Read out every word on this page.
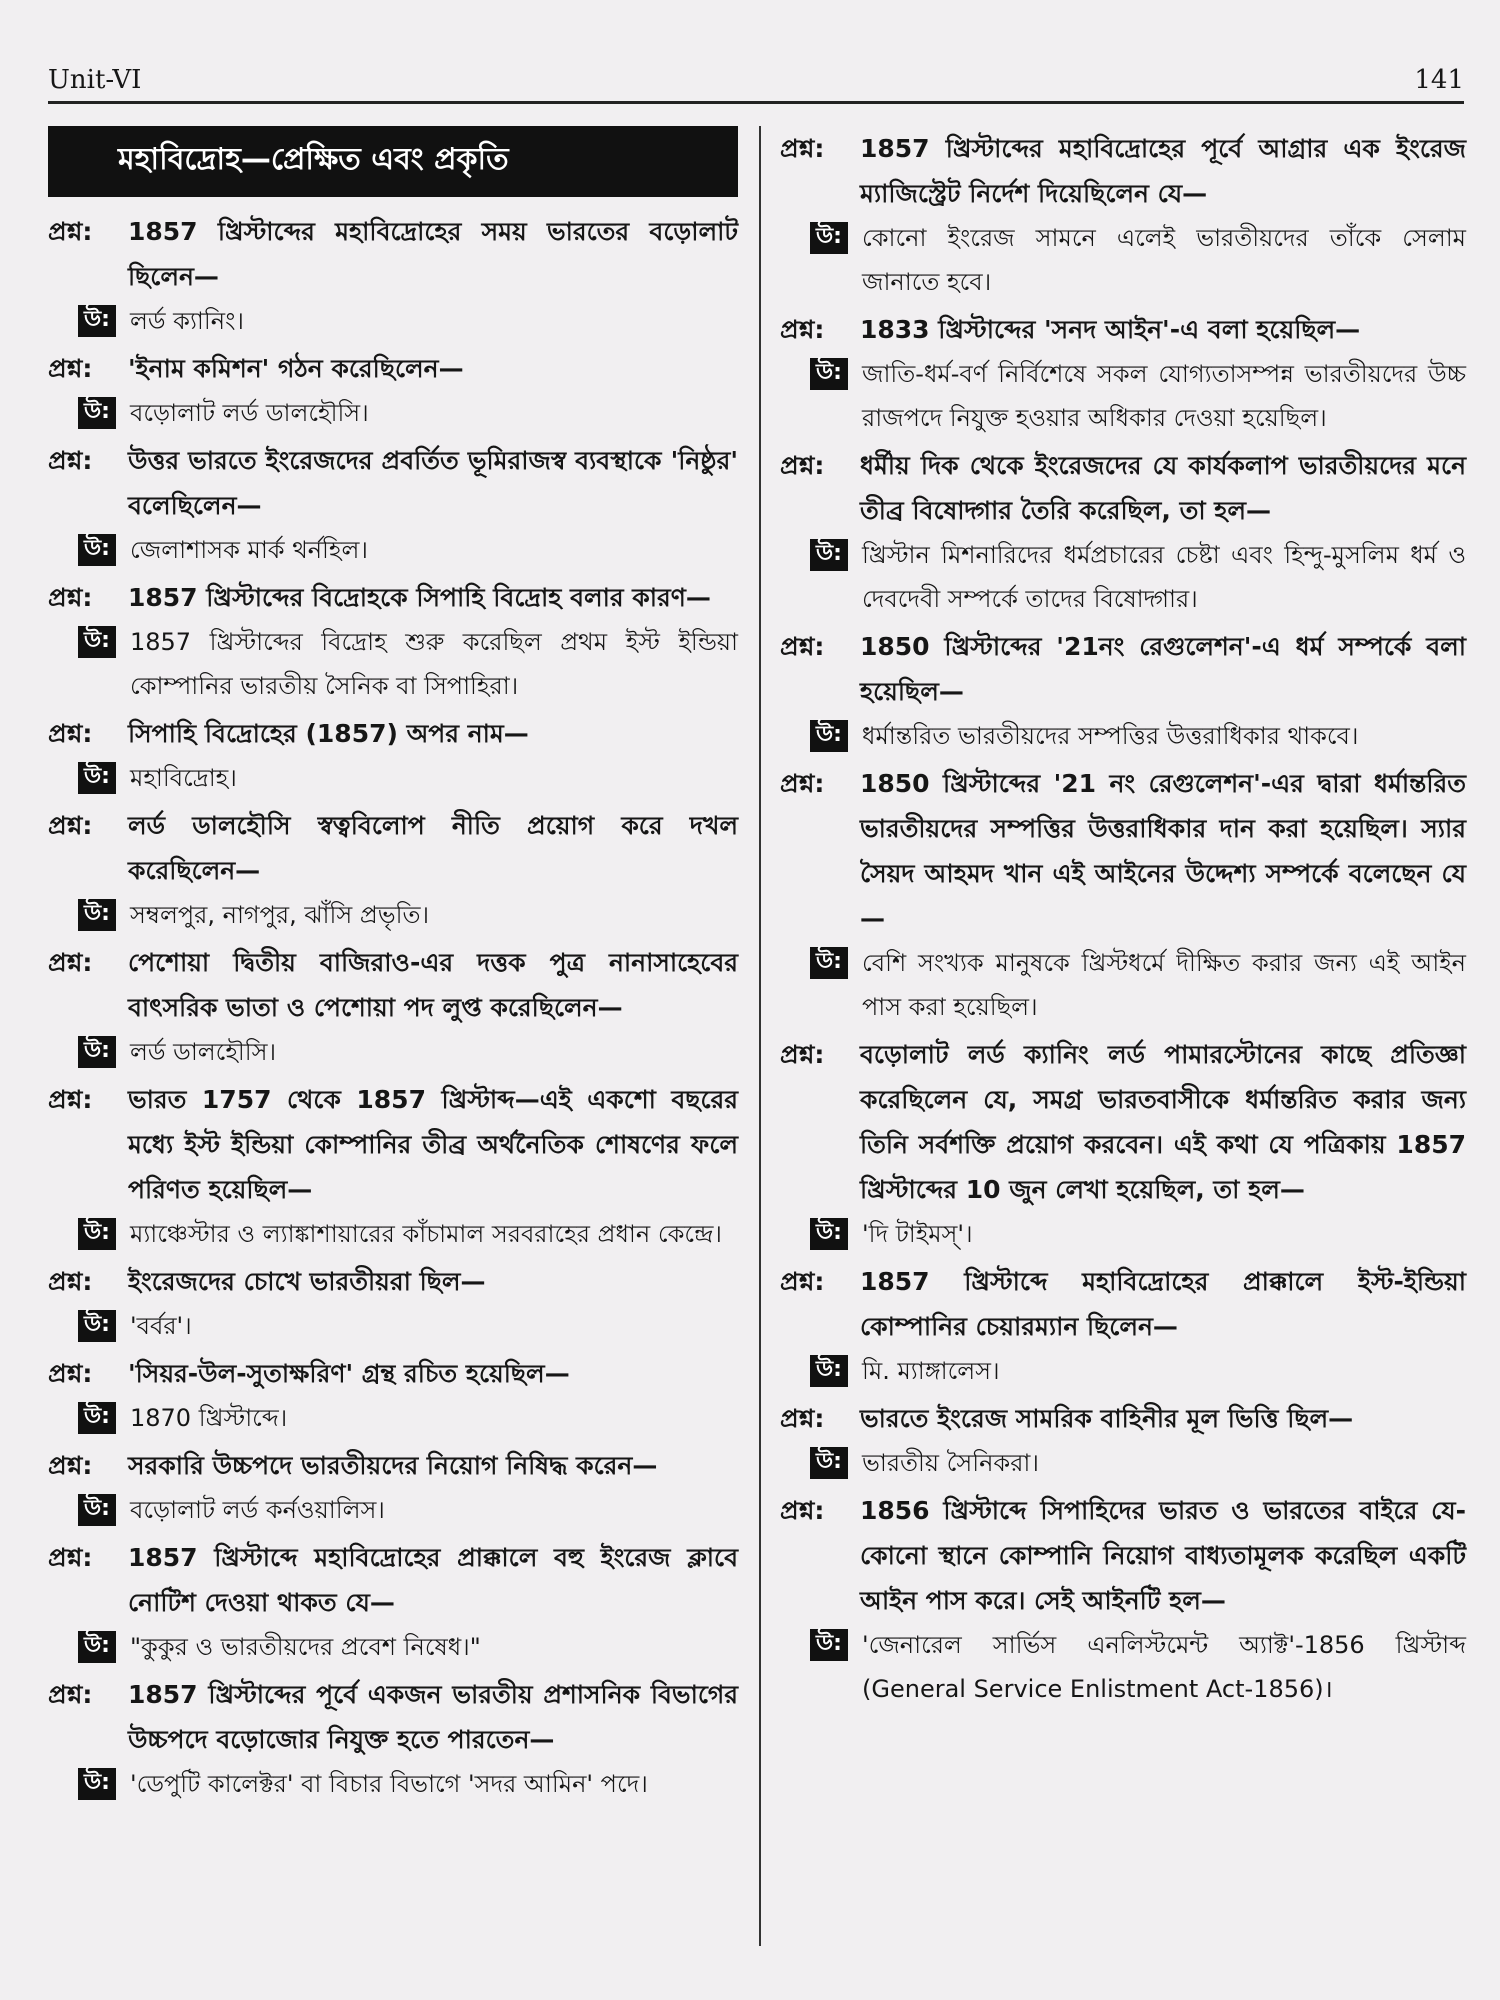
Unit-VI	141
মহাবিদ্রোহ—প্রেক্ষিত এবং প্রকৃতি
প্রশ্ন:	1857 খ্রিস্টাব্দের মহাবিদ্রোহের সময় ভারতের বড়োলাট ছিলেন—
উ: লর্ড ক্যানিং।
প্রশ্ন:	'ইনাম কমিশন' গঠন করেছিলেন—
উ: বড়োলাট লর্ড ডালহৌসি।
প্রশ্ন:	উত্তর ভারতে ইংরেজদের প্রবর্তিত ভূমিরাজস্ব ব্যবস্থাকে 'নিষ্ঠুর' বলেছিলেন—
উ: জেলাশাসক মার্ক থর্নহিল।
প্রশ্ন:	1857 খ্রিস্টাব্দের বিদ্রোহকে সিপাহি বিদ্রোহ বলার কারণ—
উ: 1857 খ্রিস্টাব্দের বিদ্রোহ শুরু করেছিল প্রথম ইস্ট ইন্ডিয়া কোম্পানির ভারতীয় সৈনিক বা সিপাহিরা।
প্রশ্ন:	সিপাহি বিদ্রোহের (1857) অপর নাম—
উ: মহাবিদ্রোহ।
প্রশ্ন:	লর্ড ডালহৌসি স্বত্ববিলোপ নীতি প্রয়োগ করে দখল করেছিলেন—
উ: সম্বলপুর, নাগপুর, ঝাঁসি প্রভৃতি।
প্রশ্ন:	পেশোয়া দ্বিতীয় বাজিরাও-এর দত্তক পুত্র নানাসাহেবের বাৎসরিক ভাতা ও পেশোয়া পদ লুপ্ত করেছিলেন—
উ: লর্ড ডালহৌসি।
প্রশ্ন:	ভারত 1757 থেকে 1857 খ্রিস্টাব্দ—এই একশো বছরের মধ্যে ইস্ট ইন্ডিয়া কোম্পানির তীব্র অর্থনৈতিক শোষণের ফলে পরিণত হয়েছিল—
উ: ম্যাঞ্চেস্টার ও ল্যাঙ্কাশায়ারের কাঁচামাল সরবরাহের প্রধান কেন্দ্রে।
প্রশ্ন:	ইংরেজদের চোখে ভারতীয়রা ছিল—
উ: 'বর্বর'।
প্রশ্ন:	'সিয়র-উল-সুতাক্ষরিণ' গ্রন্থ রচিত হয়েছিল—
উ: 1870 খ্রিস্টাব্দে।
প্রশ্ন:	সরকারি উচ্চপদে ভারতীয়দের নিয়োগ নিষিদ্ধ করেন—
উ: বড়োলাট লর্ড কর্নওয়ালিস।
প্রশ্ন:	1857 খ্রিস্টাব্দে মহাবিদ্রোহের প্রাক্কালে বহু ইংরেজ ক্লাবে নোটিশ দেওয়া থাকত যে—
উ: "কুকুর ও ভারতীয়দের প্রবেশ নিষেধ।"
প্রশ্ন:	1857 খ্রিস্টাব্দের পূর্বে একজন ভারতীয় প্রশাসনিক বিভাগের উচ্চপদে বড়োজোর নিযুক্ত হতে পারতেন—
উ: 'ডেপুটি কালেক্টর' বা বিচার বিভাগে 'সদর আমিন' পদে।
প্রশ্ন:	1857 খ্রিস্টাব্দের মহাবিদ্রোহের পূর্বে আগ্রার এক ইংরেজ ম্যাজিস্ট্রেট নির্দেশ দিয়েছিলেন যে—
উ: কোনো ইংরেজ সামনে এলেই ভারতীয়দের তাঁকে সেলাম জানাতে হবে।
প্রশ্ন:	1833 খ্রিস্টাব্দের 'সনদ আইন'-এ বলা হয়েছিল—
উ: জাতি-ধর্ম-বর্ণ নির্বিশেষে সকল যোগ্যতাসম্পন্ন ভারতীয়দের উচ্চ রাজপদে নিযুক্ত হওয়ার অধিকার দেওয়া হয়েছিল।
প্রশ্ন:	ধর্মীয় দিক থেকে ইংরেজদের যে কার্যকলাপ ভারতীয়দের মনে তীব্র বিষোদ্গার তৈরি করেছিল, তা হল—
উ: খ্রিস্টান মিশনারিদের ধর্মপ্রচারের চেষ্টা এবং হিন্দু-মুসলিম ধর্ম ও দেবদেবী সম্পর্কে তাদের বিষোদ্গার।
প্রশ্ন:	1850 খ্রিস্টাব্দের '21নং রেগুলেশন'-এ ধর্ম সম্পর্কে বলা হয়েছিল—
উ: ধর্মান্তরিত ভারতীয়দের সম্পত্তির উত্তরাধিকার থাকবে।
প্রশ্ন:	1850 খ্রিস্টাব্দের '21 নং রেগুলেশন'-এর দ্বারা ধর্মান্তরিত ভারতীয়দের সম্পত্তির উত্তরাধিকার দান করা হয়েছিল। স্যার সৈয়দ আহমদ খান এই আইনের উদ্দেশ্য সম্পর্কে বলেছেন যে—
উ: বেশি সংখ্যক মানুষকে খ্রিস্টধর্মে দীক্ষিত করার জন্য এই আইন পাস করা হয়েছিল।
প্রশ্ন:	বড়োলাট লর্ড ক্যানিং লর্ড পামারস্টোনের কাছে প্রতিজ্ঞা করেছিলেন যে, সমগ্র ভারতবাসীকে ধর্মান্তরিত করার জন্য তিনি সর্বশক্তি প্রয়োগ করবেন। এই কথা যে পত্রিকায় 1857 খ্রিস্টাব্দের 10 জুন লেখা হয়েছিল, তা হল—
উ: 'দি টাইমস্'।
প্রশ্ন:	1857 খ্রিস্টাব্দে মহাবিদ্রোহের প্রাক্কালে ইস্ট-ইন্ডিয়া কোম্পানির চেয়ারম্যান ছিলেন—
উ: মি. ম্যাঙ্গালেস।
প্রশ্ন:	ভারতে ইংরেজ সামরিক বাহিনীর মূল ভিত্তি ছিল—
উ: ভারতীয় সৈনিকরা।
প্রশ্ন:	1856 খ্রিস্টাব্দে সিপাহিদের ভারত ও ভারতের বাইরে যে-কোনো স্থানে কোম্পানি নিয়োগ বাধ্যতামূলক করেছিল একটি আইন পাস করে। সেই আইনটি হল—
উ: 'জেনারেল সার্ভিস এনলিস্টমেন্ট অ্যাক্ট'-1856 খ্রিস্টাব্দ (General Service Enlistment Act-1856)।
